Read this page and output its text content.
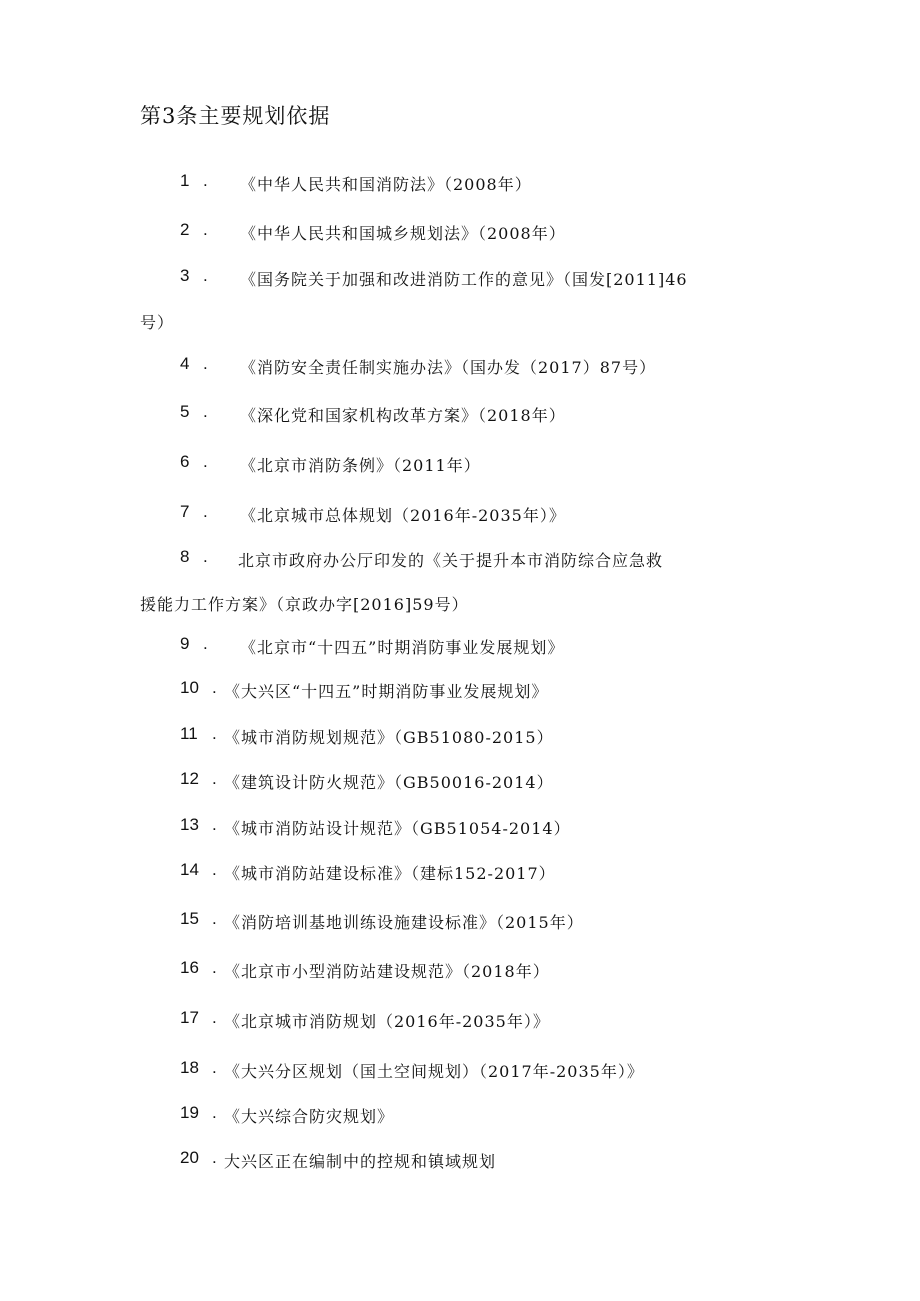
第3条主要规划依据
1 . 《中华人民共和国消防法》（2008年）
2 . 《中华人民共和国城乡规划法》（2008年）
3 . 《国务院关于加强和改进消防工作的意见》（国发[2011]46
号）
4 . 《消防安全责任制实施办法》（国办发（2017）87号）
5 . 《深化党和国家机构改革方案》（2018年）
6 . 《北京市消防条例》（2011年）
7 . 《北京城市总体规划（2016年-2035年）》
8 . 北京市政府办公厅印发的《关于提升本市消防综合应急救
援能力工作方案》（京政办字[2016]59号）
9 . 《北京市“十四五”时期消防事业发展规划》
10 . 《大兴区“十四五”时期消防事业发展规划》
11 . 《城市消防规划规范》（GB51080-2015）
12 . 《建筑设计防火规范》（GB50016-2014）
13 . 《城市消防站设计规范》（GB51054-2014）
14 . 《城市消防站建设标准》（建标152-2017）
15 . 《消防培训基地训练设施建设标准》（2015年）
16 . 《北京市小型消防站建设规范》（2018年）
17 . 《北京城市消防规划（2016年-2035年）》
18 . 《大兴分区规划（国土空间规划）（2017年-2035年）》
19 . 《大兴综合防灾规划》
20 . 大兴区正在编制中的控规和镇域规划
